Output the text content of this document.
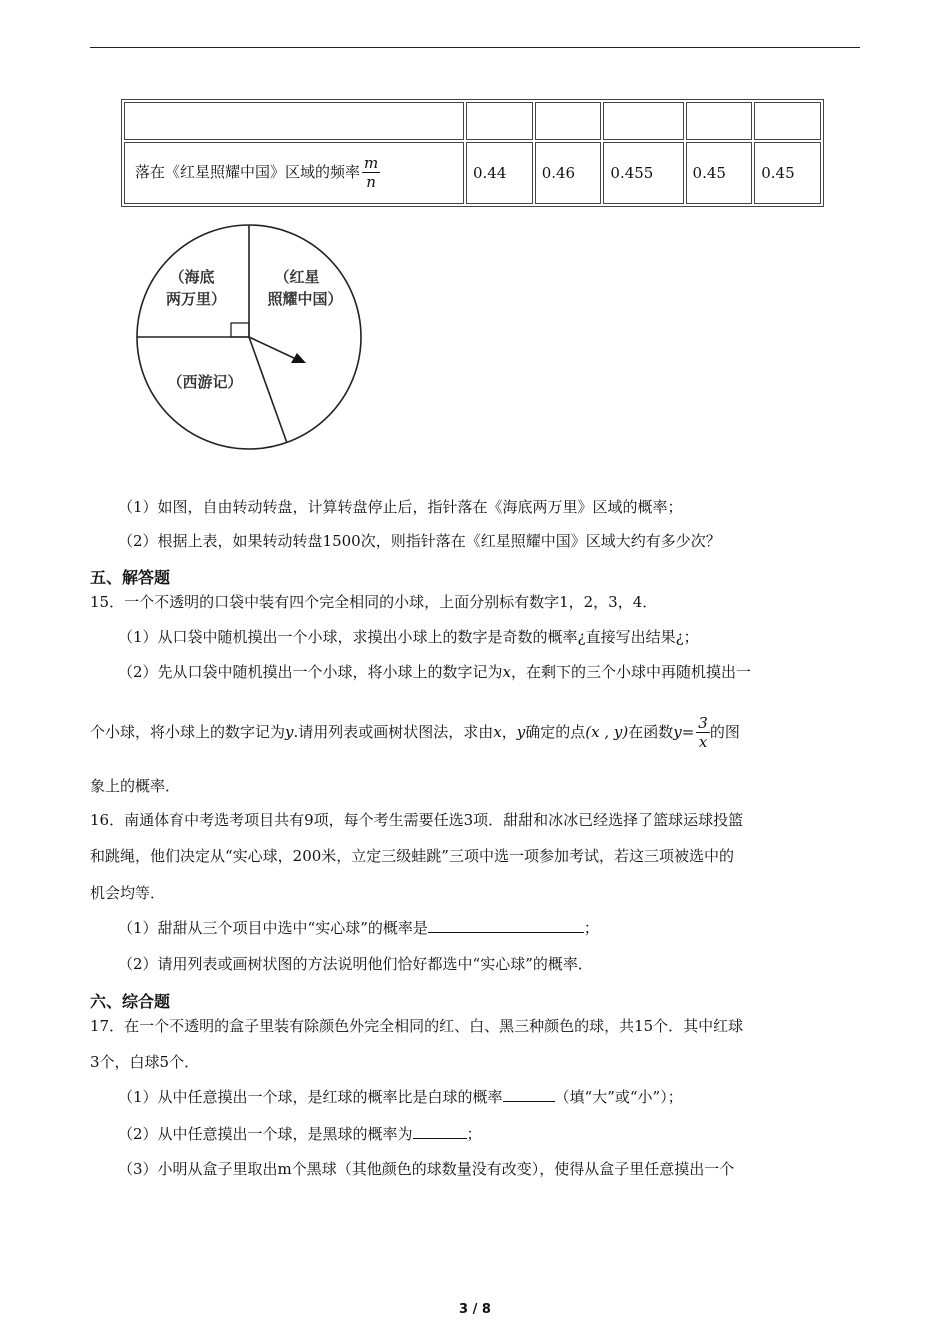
落在《红星照耀中国》区域的频率 $\frac{m}{n}$	0.44	0.46	0.455	0.45	0.45
（海底
两万里）
（红星
照耀中国）
（西游记）
（1）如图，自由转动转盘，计算转盘停止后，指针落在《海底两万里》区域的概率；
（2）根据上表，如果转动转盘1500次，则指针落在《红星照耀中国》区域大约有多少次？
五、解答题
15．一个不透明的口袋中装有四个完全相同的小球，上面分别标有数字1，2，3，4．
（1）从口袋中随机摸出一个小球，求摸出小球上的数字是奇数的概率¿直接写出结果¿；
（2）先从口袋中随机摸出一个小球，将小球上的数字记为x，在剩下的三个小球中再随机摸出一
个小球，将小球上的数字记为y.请用列表或画树状图法，求由x，y确定的点(x , y)在函数$y= \frac{3}{x}$ 的图
象上的概率．
16．南通体育中考选考项目共有9项，每个考生需要任选3项．甜甜和冰冰已经选择了篮球运球投篮
和跳绳，他们决定从“实心球，200米，立定三级蛙跳”三项中选一项参加考试，若这三项被选中的
机会均等．
（1）甜甜从三个项目中选中“实心球”的概率是	；
（2）请用列表或画树状图的方法说明他们恰好都选中“实心球”的概率．
六、综合题
17．在一个不透明的盒子里装有除颜色外完全相同的红、白、黑三种颜色的球，共15个．其中红球
3个，白球5个．
（1）从中任意摸出一个球，是红球的概率比是白球的概率	（填“大”或“小”）；
（2）从中任意摸出一个球，是黑球的概率为	；
（3）小明从盒子里取出m个黑球（其他颜色的球数量没有改变），使得从盒子里任意摸出一个
3 / 8
